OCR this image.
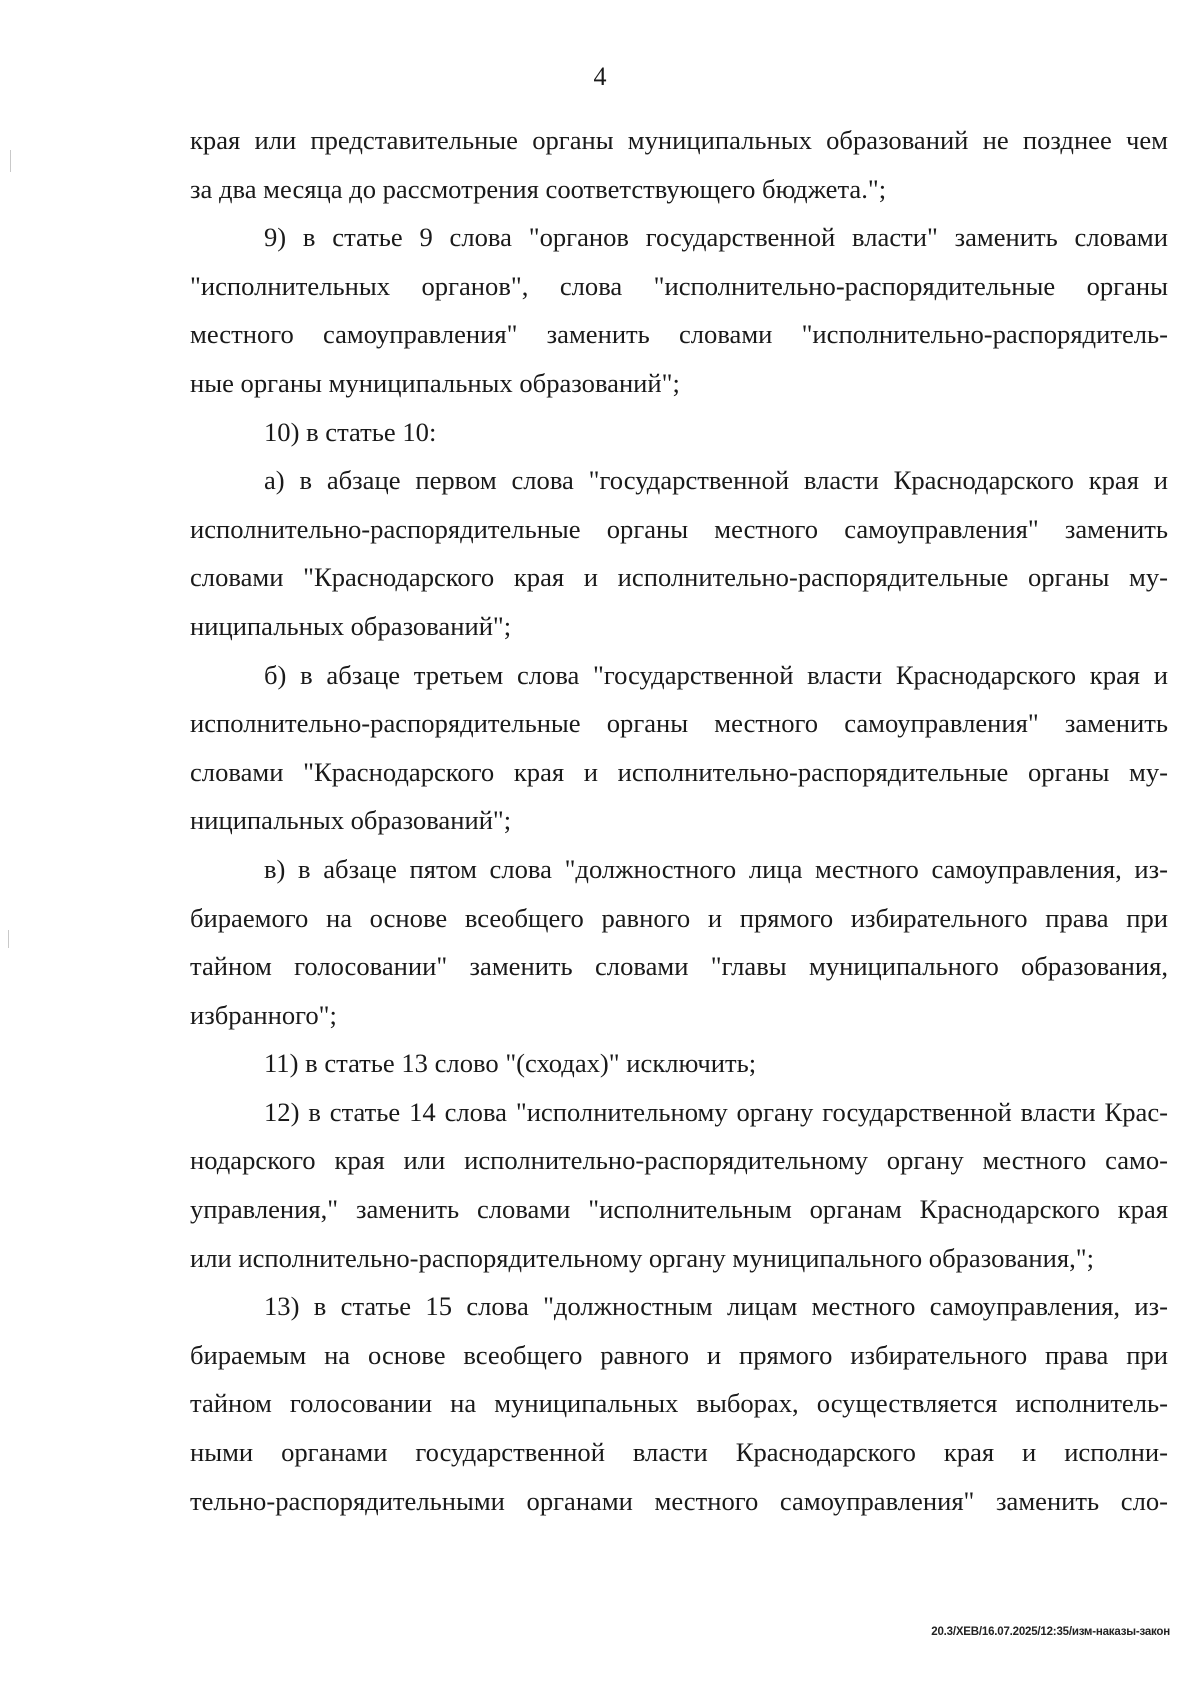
4

края или представительные органы муниципальных образований не позднее чем

за два месяца до рассмотрения соответствующего бюджета.";

9) в статье 9 слова "органов государственной власти" заменить словами

"исполнительных органов", слова "исполнительно-распорядительные органы

местного самоуправления" заменить словами "исполнительно-распорядитель-

ные органы муниципальных образований";

10) в статье 10:

а) в абзаце первом слова "государственной власти Краснодарского края и

исполнительно-распорядительные органы местного самоуправления" заменить

словами "Краснодарского края и исполнительно-распорядительные органы му-

ниципальных образований";

б) в абзаце третьем слова "государственной власти Краснодарского края и

исполнительно-распорядительные органы местного самоуправления" заменить

словами "Краснодарского края и исполнительно-распорядительные органы му-

ниципальных образований";

в) в абзаце пятом слова "должностного лица местного самоуправления, из-

бираемого на основе всеобщего равного и прямого избирательного права при

тайном голосовании" заменить словами "главы муниципального образования,

избранного";

11) в статье 13 слово "(сходах)" исключить;

12) в статье 14 слова "исполнительному органу государственной власти Крас-

нодарского края или исполнительно-распорядительному органу местного само-

управления," заменить словами "исполнительным органам Краснодарского края

или исполнительно-распорядительному органу муниципального образования,";

13) в статье 15 слова "должностным лицам местного самоуправления, из-

бираемым на основе всеобщего равного и прямого избирательного права при

тайном голосовании на муниципальных выборах, осуществляется исполнитель-

ными органами государственной власти Краснодарского края и исполни-

тельно-распорядительными органами местного самоуправления" заменить сло-

20.3/ХЕВ/16.07.2025/12:35/изм-наказы-закон
